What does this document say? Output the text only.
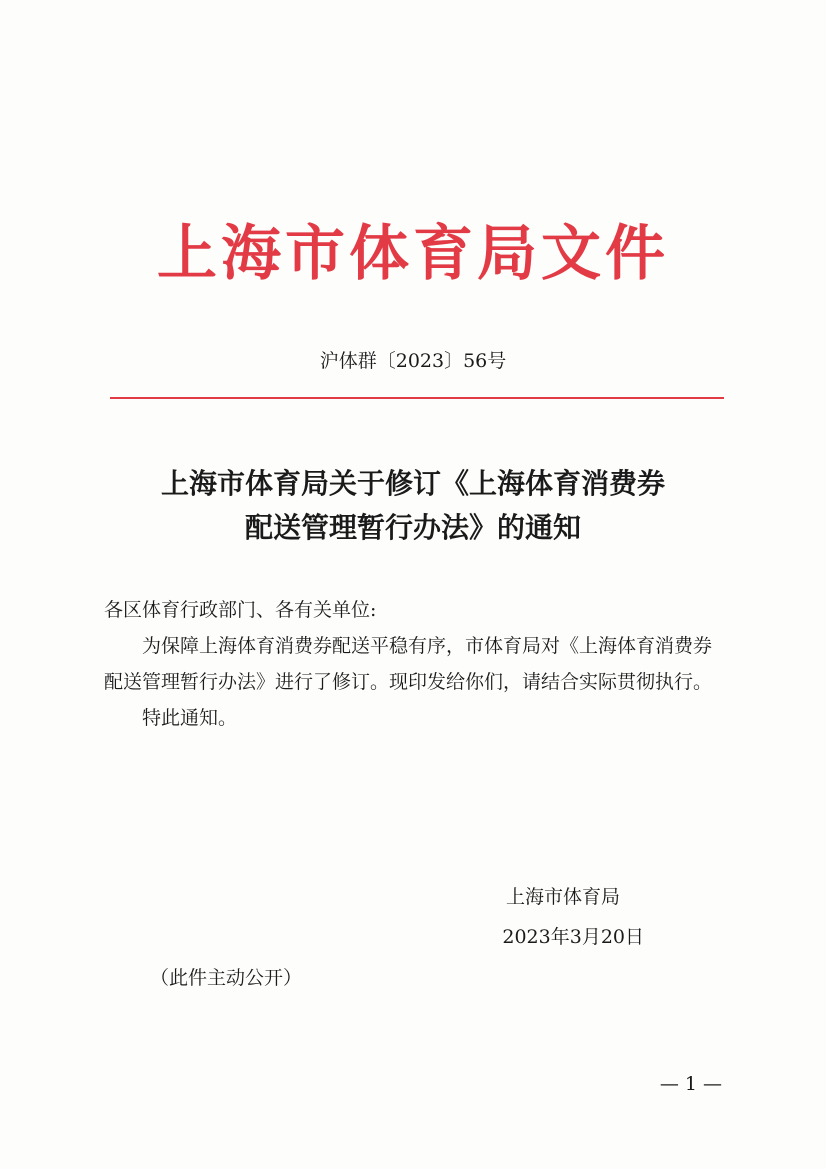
上海市体育局文件
沪体群〔2023〕56号
上海市体育局关于修订《上海体育消费券
配送管理暂行办法》的通知

各区体育行政部门、各有关单位:

为保障上海体育消费券配送平稳有序，市体育局对《上海体育消费券配送管理暂行办法》进行了修订。现印发给你们，请结合实际贯彻执行。

特此通知。

上海市体育局
2023年3月20日
（此件主动公开）
— 1 —
